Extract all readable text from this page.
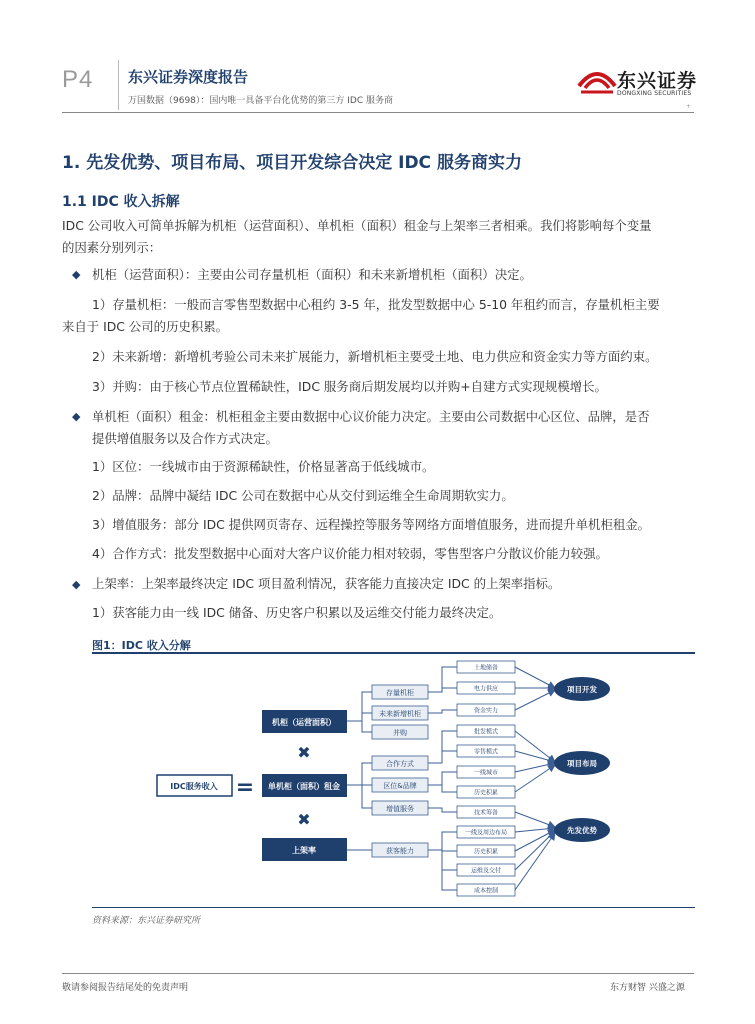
P4 东兴证券深度报告
万国数据（9698）：国内唯一具备平台化优势的第三方 IDC 服务商
东兴证券
DONGXING SECURITIES
+
1. 先发优势、项目布局、项目开发综合决定 IDC 服务商实力
1.1 IDC 收入拆解
IDC 公司收入可简单拆解为机柜（运营面积）、单机柜（面积）租金与上架率三者相乘。我们将影响每个变量
的因素分别列示：
◆ 机柜（运营面积）：主要由公司存量机柜（面积）和未来新增机柜（面积）决定。
1）存量机柜：一般而言零售型数据中心租约 3-5 年，批发型数据中心 5-10 年租约而言，存量机柜主要
来自于 IDC 公司的历史积累。
2）未来新增：新增机考验公司未来扩展能力，新增机柜主要受土地、电力供应和资金实力等方面约束。
3）并购：由于核心节点位置稀缺性，IDC 服务商后期发展均以并购+自建方式实现规模增长。
◆ 单机柜（面积）租金：机柜租金主要由数据中心议价能力决定。主要由公司数据中心区位、品牌，是否
提供增值服务以及合作方式决定。
1）区位：一线城市由于资源稀缺性，价格显著高于低线城市。
2）品牌：品牌中凝结 IDC 公司在数据中心从交付到运维全生命周期软实力。
3）增值服务：部分 IDC 提供网页寄存、远程操控等服务等网络方面增值服务，进而提升单机柜租金。
4）合作方式：批发型数据中心面对大客户议价能力相对较弱，零售型客户分散议价能力较强。
◆ 上架率：上架率最终决定 IDC 项目盈利情况，获客能力直接决定 IDC 的上架率指标。
1）获客能力由一线 IDC 储备、历史客户积累以及运维交付能力最终决定。
图1：IDC 收入分解
IDC服务收入 =
机柜（运营面积）
✖
单机柜（面积）租金
✖
上架率
存量机柜
未来新增机柜
并购
合作方式
区位&品牌
增值服务
获客能力
土地储备
电力供应
资金实力
批发模式
零售模式
一线城市
历史积累
技术筹备
一线及周边布局
历史积累
运维及交付
成本控制
项目开发
项目布局
先发优势
资料来源：东兴证券研究所
敬请参阅报告结尾处的免责声明	东方财智 兴盛之源
